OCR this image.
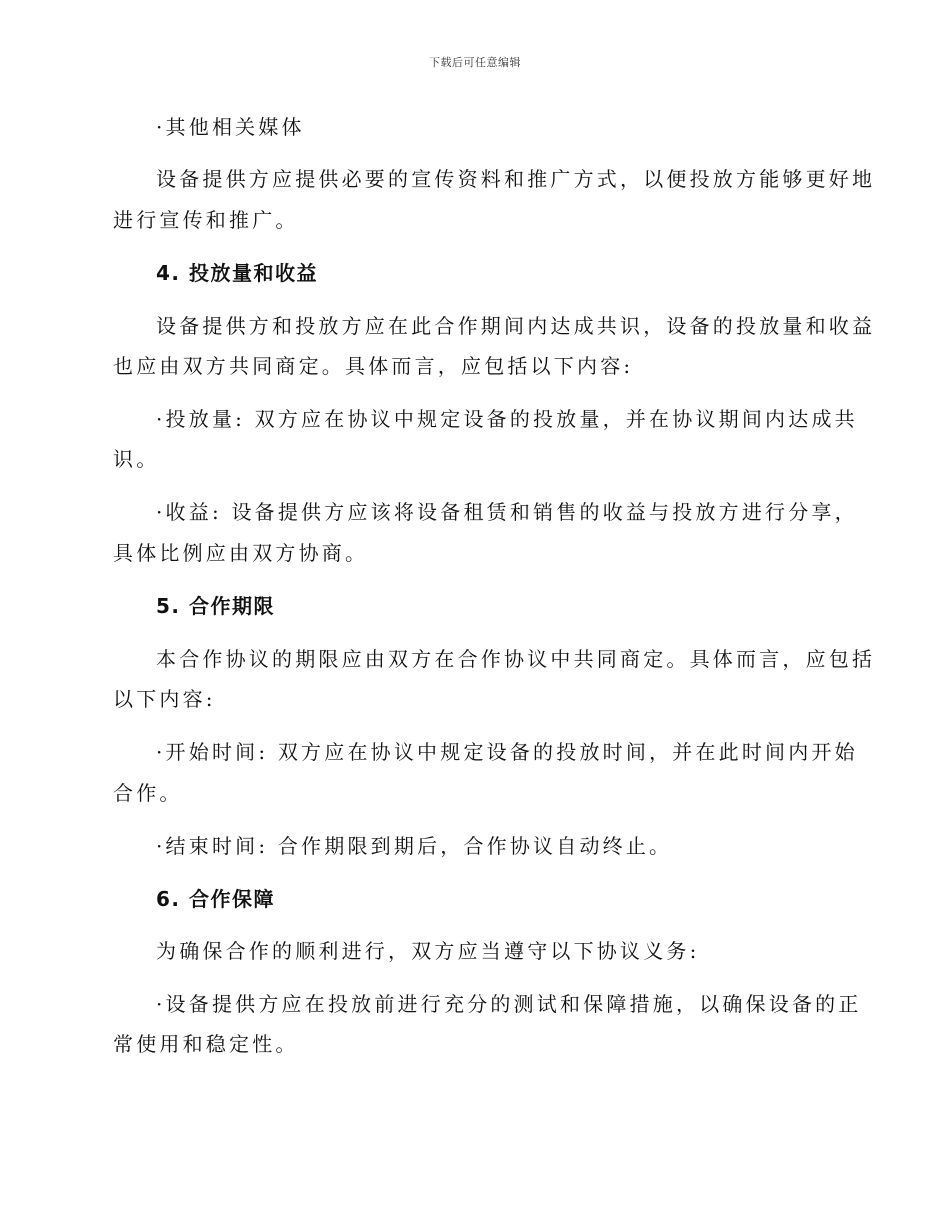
下载后可任意编辑
·其他相关媒体
设备提供方应提供必要的宣传资料和推广方式，以便投放方能够更好地
进行宣传和推广。
4. 投放量和收益
设备提供方和投放方应在此合作期间内达成共识，设备的投放量和收益
也应由双方共同商定。具体而言，应包括以下内容:
·投放量: 双方应在协议中规定设备的投放量，并在协议期间内达成共
识。
·收益: 设备提供方应该将设备租赁和销售的收益与投放方进行分享，
具体比例应由双方协商。
5. 合作期限
本合作协议的期限应由双方在合作协议中共同商定。具体而言，应包括
以下内容:
·开始时间: 双方应在协议中规定设备的投放时间，并在此时间内开始
合作。
·结束时间: 合作期限到期后，合作协议自动终止。
6. 合作保障
为确保合作的顺利进行，双方应当遵守以下协议义务:
·设备提供方应在投放前进行充分的测试和保障措施，以确保设备的正
常使用和稳定性。
